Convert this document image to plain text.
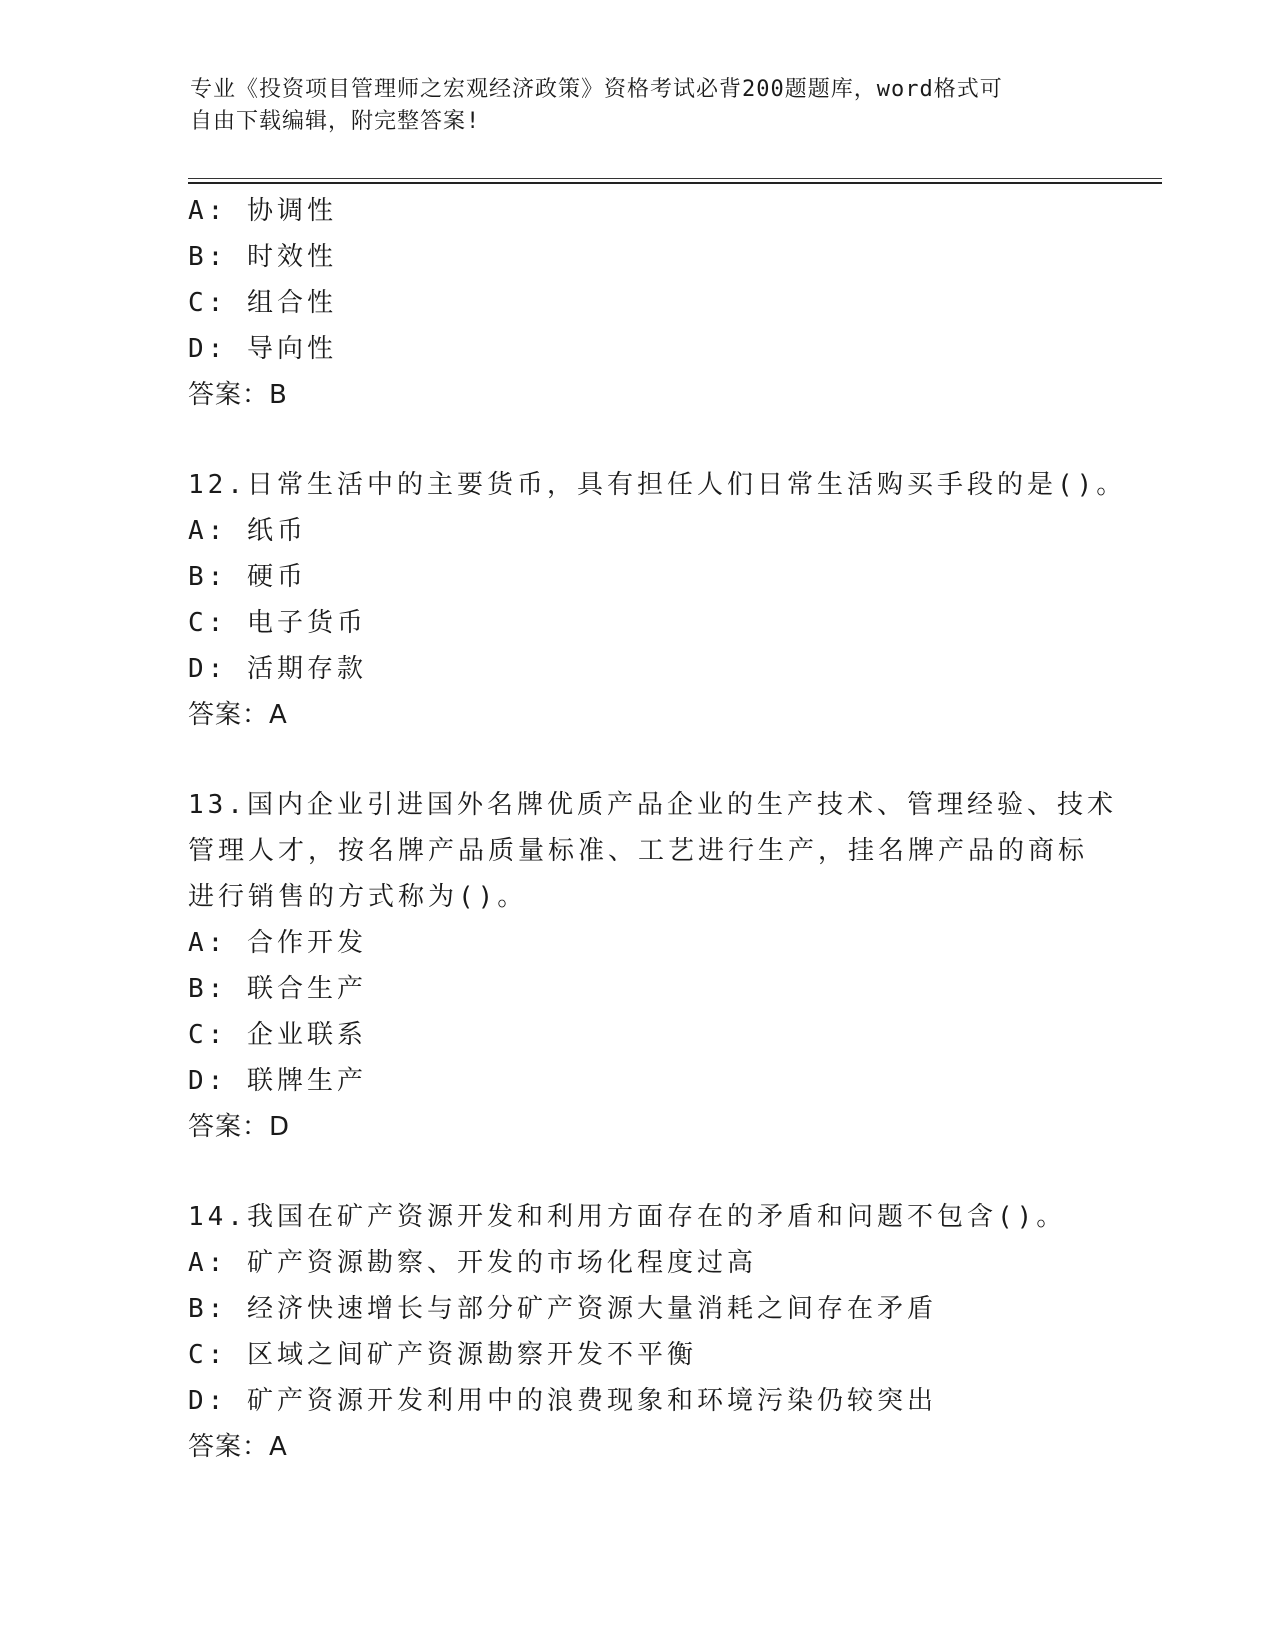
专业《投资项目管理师之宏观经济政策》资格考试必背200题题库，word格式可
自由下载编辑，附完整答案!
A: 协调性
B: 时效性
C: 组合性
D: 导向性
答案：B
12.日常生活中的主要货币，具有担任人们日常生活购买手段的是()。
A: 纸币
B: 硬币
C: 电子货币
D: 活期存款
答案：A
13.国内企业引进国外名牌优质产品企业的生产技术、管理经验、技术
管理人才，按名牌产品质量标准、工艺进行生产，挂名牌产品的商标
进行销售的方式称为()。
A: 合作开发
B: 联合生产
C: 企业联系
D: 联牌生产
答案：D
14.我国在矿产资源开发和利用方面存在的矛盾和问题不包含()。
A: 矿产资源勘察、开发的市场化程度过高
B: 经济快速增长与部分矿产资源大量消耗之间存在矛盾
C: 区域之间矿产资源勘察开发不平衡
D: 矿产资源开发利用中的浪费现象和环境污染仍较突出
答案：A
